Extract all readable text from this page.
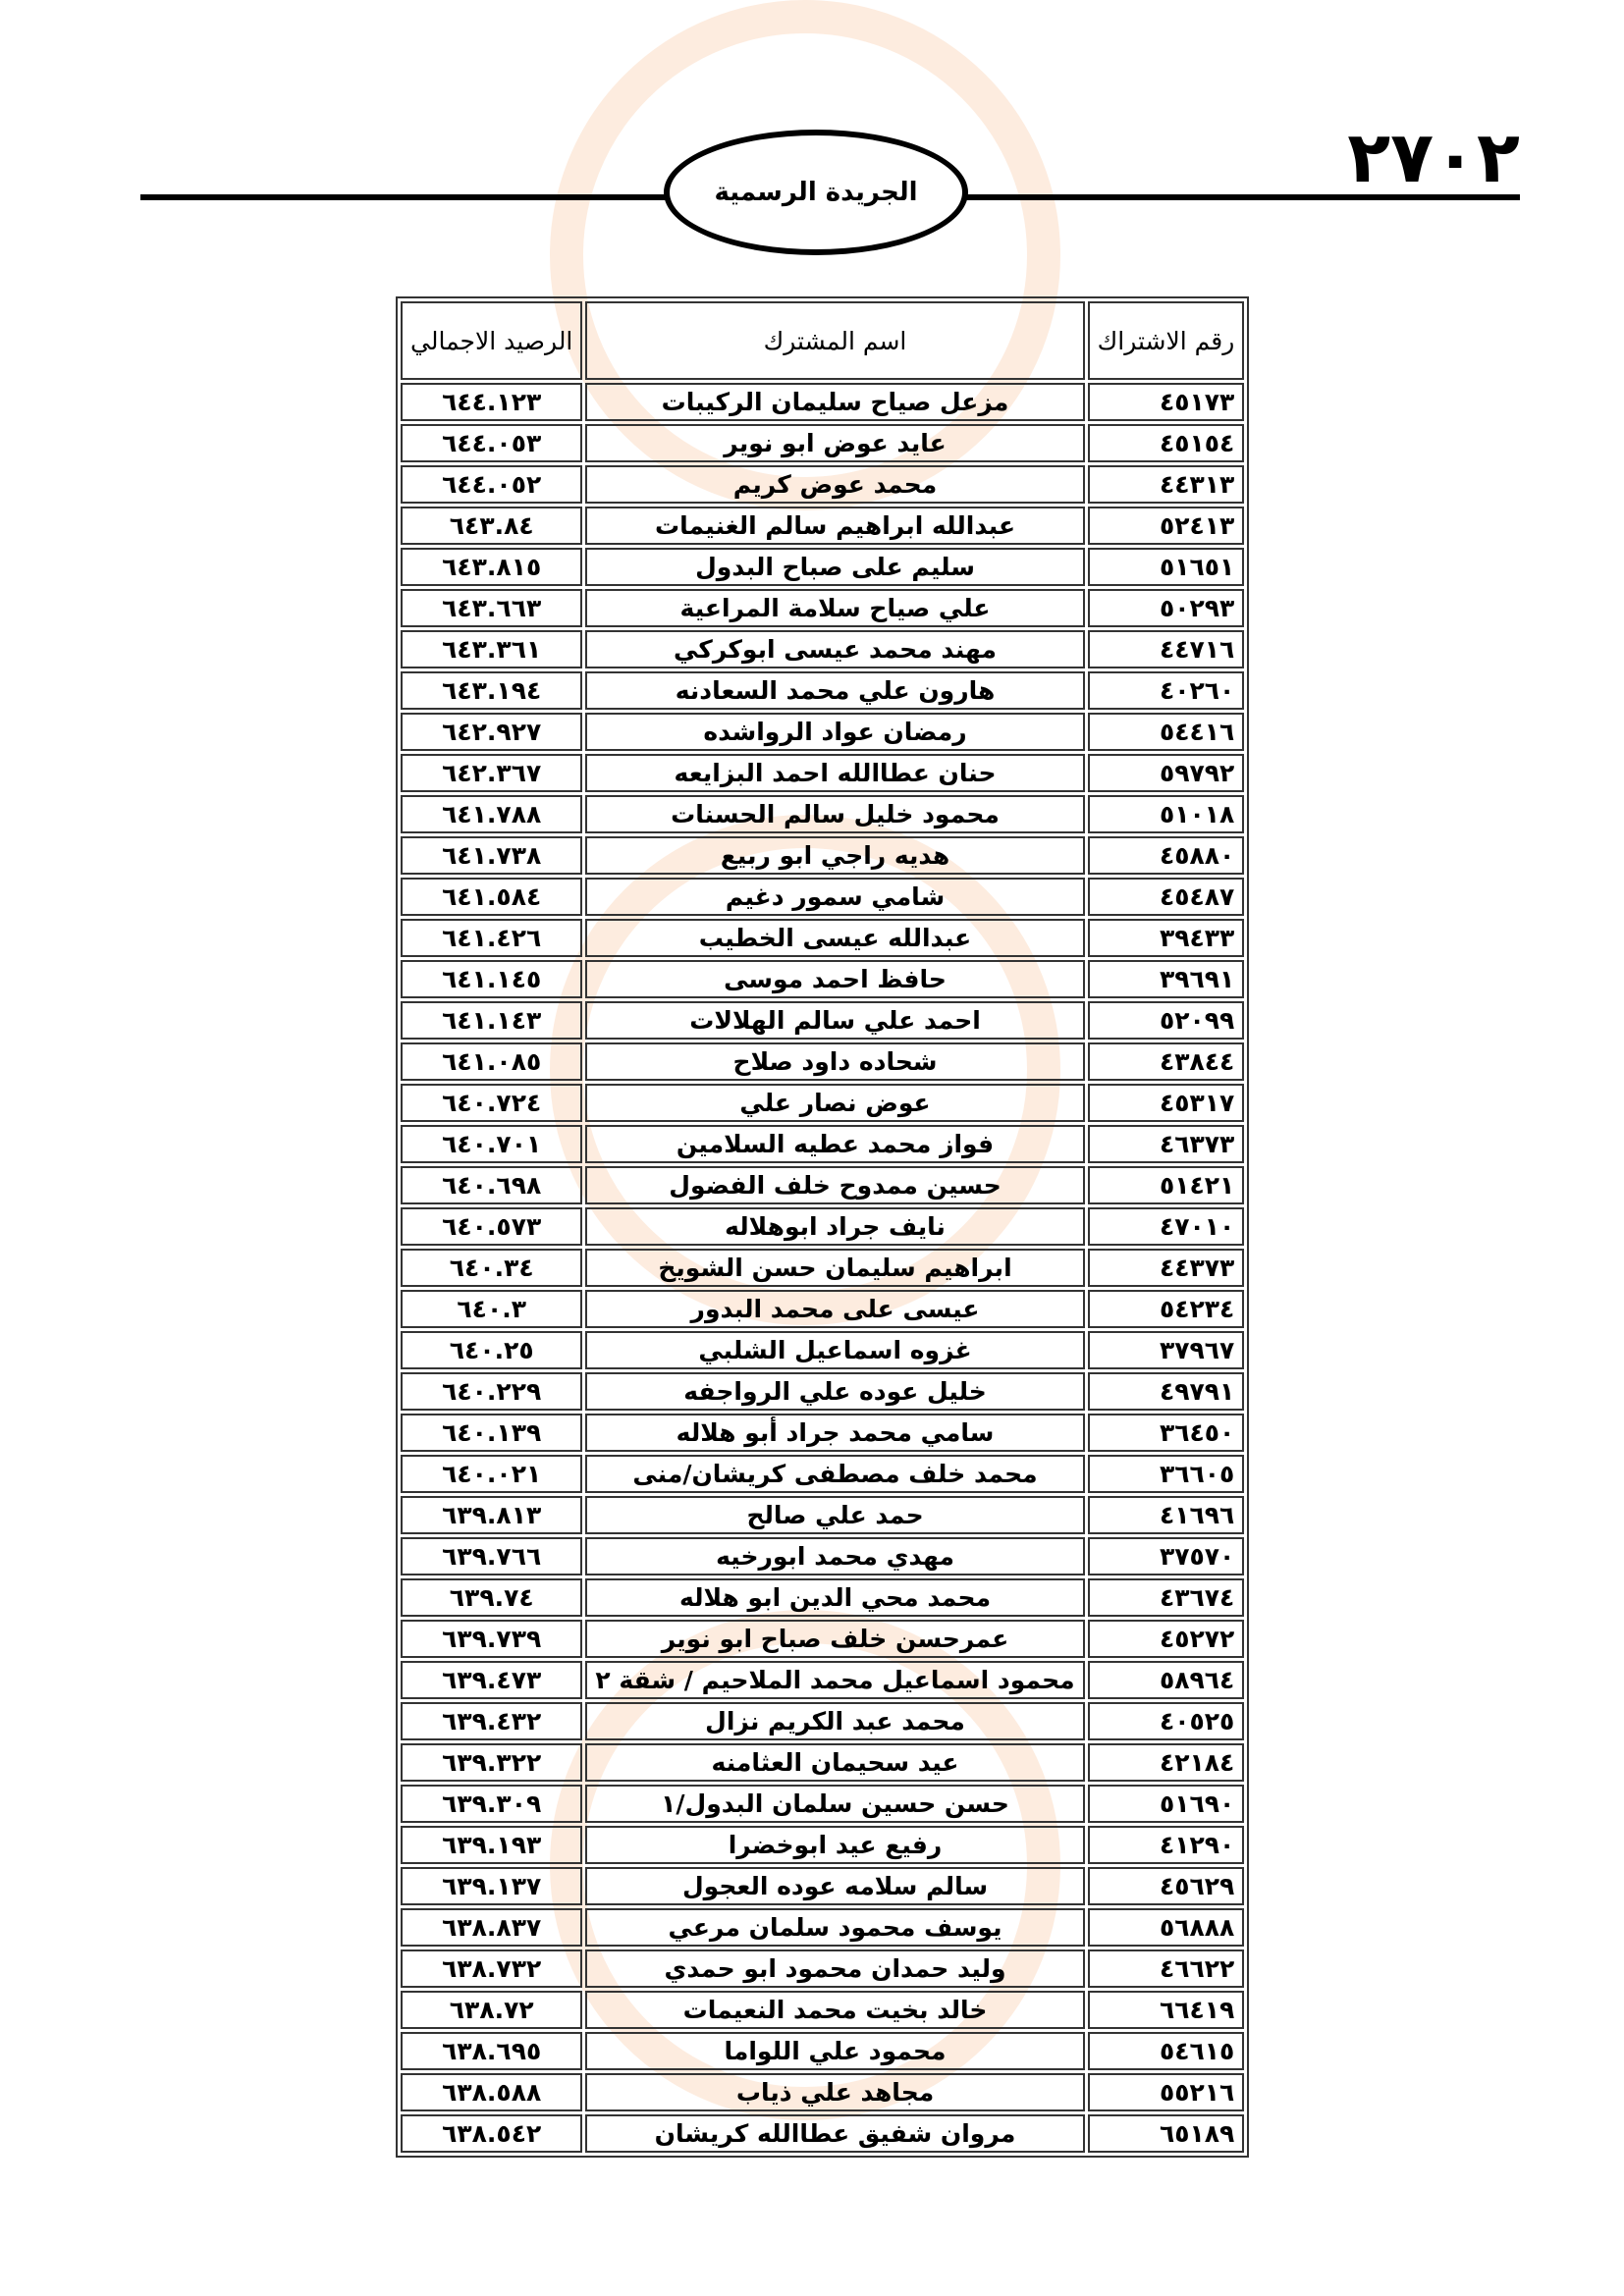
٢٧٠٢
الجريدة الرسمية
رقم الاشتراك	اسم المشترك	الرصيد الاجمالي
٤٥١٧٣	مزعل صياح سليمان الركيبات	٦٤٤.١٢٣
٤٥١٥٤	عايد عوض ابو نوير	٦٤٤.٠٥٣
٤٤٣١٣	محمد عوض كريم	٦٤٤.٠٥٢
٥٢٤١٣	عبدالله ابراهيم سالم الغنيمات	٦٤٣.٨٤
٥١٦٥١	سليم على صباح البدول	٦٤٣.٨١٥
٥٠٢٩٣	علي صياح سلامة المراعية	٦٤٣.٦٦٣
٤٤٧١٦	مهند محمد عيسى ابوكركي	٦٤٣.٣٦١
٤٠٢٦٠	هارون علي محمد السعادنه	٦٤٣.١٩٤
٥٤٤١٦	رمضان عواد الرواشده	٦٤٢.٩٢٧
٥٩٧٩٢	حنان عطاالله احمد البزايعه	٦٤٢.٣٦٧
٥١٠١٨	محمود خليل سالم الحسنات	٦٤١.٧٨٨
٤٥٨٨٠	هديه راجي ابو ربيع	٦٤١.٧٣٨
٤٥٤٨٧	شامي سمور دغيم	٦٤١.٥٨٤
٣٩٤٣٣	عبدالله عيسى الخطيب	٦٤١.٤٢٦
٣٩٦٩١	حافظ احمد موسى	٦٤١.١٤٥
٥٢٠٩٩	احمد علي سالم الهلالات	٦٤١.١٤٣
٤٣٨٤٤	شحاده داود صلاح	٦٤١.٠٨٥
٤٥٣١٧	عوض نصار علي	٦٤٠.٧٢٤
٤٦٣٧٣	فواز محمد عطيه السلامين	٦٤٠.٧٠١
٥١٤٢١	حسين ممدوح خلف الفضول	٦٤٠.٦٩٨
٤٧٠١٠	نايف جراد ابوهلاله	٦٤٠.٥٧٣
٤٤٣٧٣	ابراهيم سليمان حسن الشويخ	٦٤٠.٣٤
٥٤٢٣٤	عيسى على محمد البدور	٦٤٠.٣
٣٧٩٦٧	غزوه اسماعيل الشلبي	٦٤٠.٢٥
٤٩٧٩١	خليل عوده علي الرواجفه	٦٤٠.٢٢٩
٣٦٤٥٠	سامي محمد جراد أبو هلاله	٦٤٠.١٣٩
٣٦٦٠٥	محمد خلف مصطفى كريشان/منى	٦٤٠.٠٢١
٤١٦٩٦	حمد علي صالح	٦٣٩.٨١٣
٣٧٥٧٠	مهدي محمد ابورخيه	٦٣٩.٧٦٦
٤٣٦٧٤	محمد محي الدين ابو هلاله	٦٣٩.٧٤
٤٥٢٧٢	عمرحسن خلف صباح ابو نوير	٦٣٩.٧٣٩
٥٨٩٦٤	محمود اسماعيل محمد الملاحيم / شقة ٢	٦٣٩.٤٧٣
٤٠٥٢٥	محمد عبد الكريم نزال	٦٣٩.٤٣٢
٤٢١٨٤	عيد سحيمان العثامنه	٦٣٩.٣٢٢
٥١٦٩٠	حسن حسين سلمان البدول/١	٦٣٩.٣٠٩
٤١٢٩٠	رفيع عيد ابوخضرا	٦٣٩.١٩٣
٤٥٦٢٩	سالم سلامه عوده العجول	٦٣٩.١٣٧
٥٦٨٨٨	يوسف محمود سلمان مرعي	٦٣٨.٨٣٧
٤٦٦٢٢	وليد حمدان محمود ابو حمدي	٦٣٨.٧٣٢
٦٦٤١٩	خالد بخيت محمد النعيمات	٦٣٨.٧٢
٥٤٦١٥	محمود علي اللواما	٦٣٨.٦٩٥
٥٥٢١٦	مجاهد علي ذياب	٦٣٨.٥٨٨
٦٥١٨٩	مروان شفيق عطاالله كريشان	٦٣٨.٥٤٢
